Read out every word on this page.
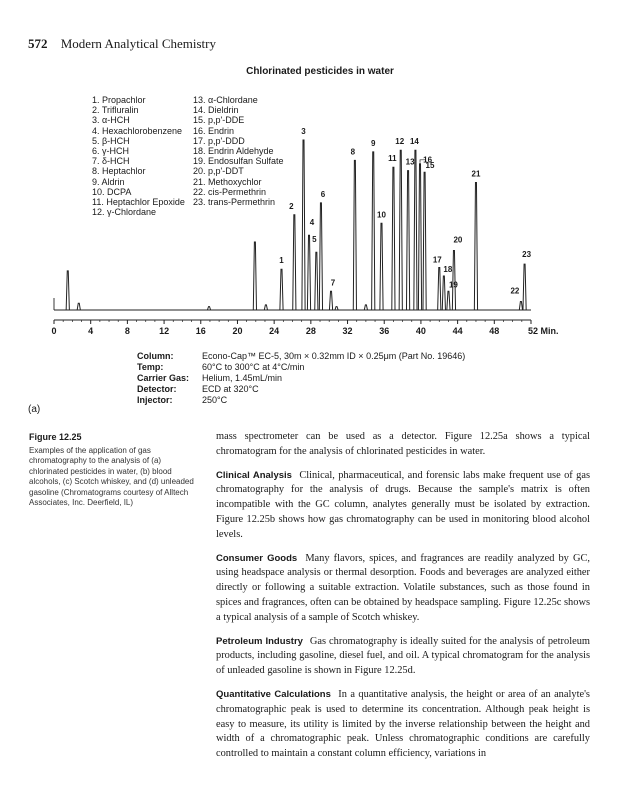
572 Modern Analytical Chemistry
Chlorinated pesticides in water
1. Propachlor
2. Trifluralin
3. α-HCH
4. Hexachlorobenzene
5. β-HCH
6. γ-HCH
7. δ-HCH
8. Heptachlor
9. Aldrin
10. DCPA
11. Heptachlor Epoxide
12. γ-Chlordane
13. α-Chlordane
14. Dieldrin
15. p,p'-DDE
16. Endrin
17. p,p'-DDD
18. Endrin Aldehyde
19. Endosulfan Sulfate
20. p,p'-DDT
21. Methoxychlor
22. cis-Permethrin
23. trans-Permethrin
0	4	8	12	16	20	24	28	32	36	40	44	48	52 Min.
1
2
3
4
5
6
7
8
9
10
11
12
13
14
15
16
17
18
19
20
21
22
23
Column:	Econo-Cap™ EC-5, 30m × 0.32mm ID × 0.25μm (Part No. 19646)
Temp:	60°C to 300°C at 4°C/min
Carrier Gas:	Helium, 1.45mL/min
Detector:	ECD at 320°C
Injector:	250°C
(a)
Figure 12.25
Examples of the application of gas chromatography to the analysis of (a) chlorinated pesticides in water, (b) blood alcohols, (c) Scotch whiskey, and (d) unleaded gasoline (Chromatograms courtesy of Alltech Associates, Inc. Deerfield, IL)

mass spectrometer can be used as a detector. Figure 12.25a shows a typical chromatogram for the analysis of chlorinated pesticides in water.

Clinical Analysis Clinical, pharmaceutical, and forensic labs make frequent use of gas chromatography for the analysis of drugs. Because the sample's matrix is often incompatible with the GC column, analytes generally must be isolated by extraction. Figure 12.25b shows how gas chromatography can be used in monitoring blood alcohol levels.

Consumer Goods Many flavors, spices, and fragrances are readily analyzed by GC, using headspace analysis or thermal desorption. Foods and beverages are analyzed either directly or following a suitable extraction. Volatile substances, such as those found in spices and fragrances, often can be obtained by headspace sampling. Figure 12.25c shows a typical analysis of a sample of Scotch whiskey.

Petroleum Industry Gas chromatography is ideally suited for the analysis of petroleum products, including gasoline, diesel fuel, and oil. A typical chromatogram for the analysis of unleaded gasoline is shown in Figure 12.25d.

Quantitative Calculations In a quantitative analysis, the height or area of an analyte's chromatographic peak is used to determine its concentration. Although peak height is easy to measure, its utility is limited by the inverse relationship between the height and width of a chromatographic peak. Unless chromatographic conditions are carefully controlled to maintain a constant column efficiency, variations in
